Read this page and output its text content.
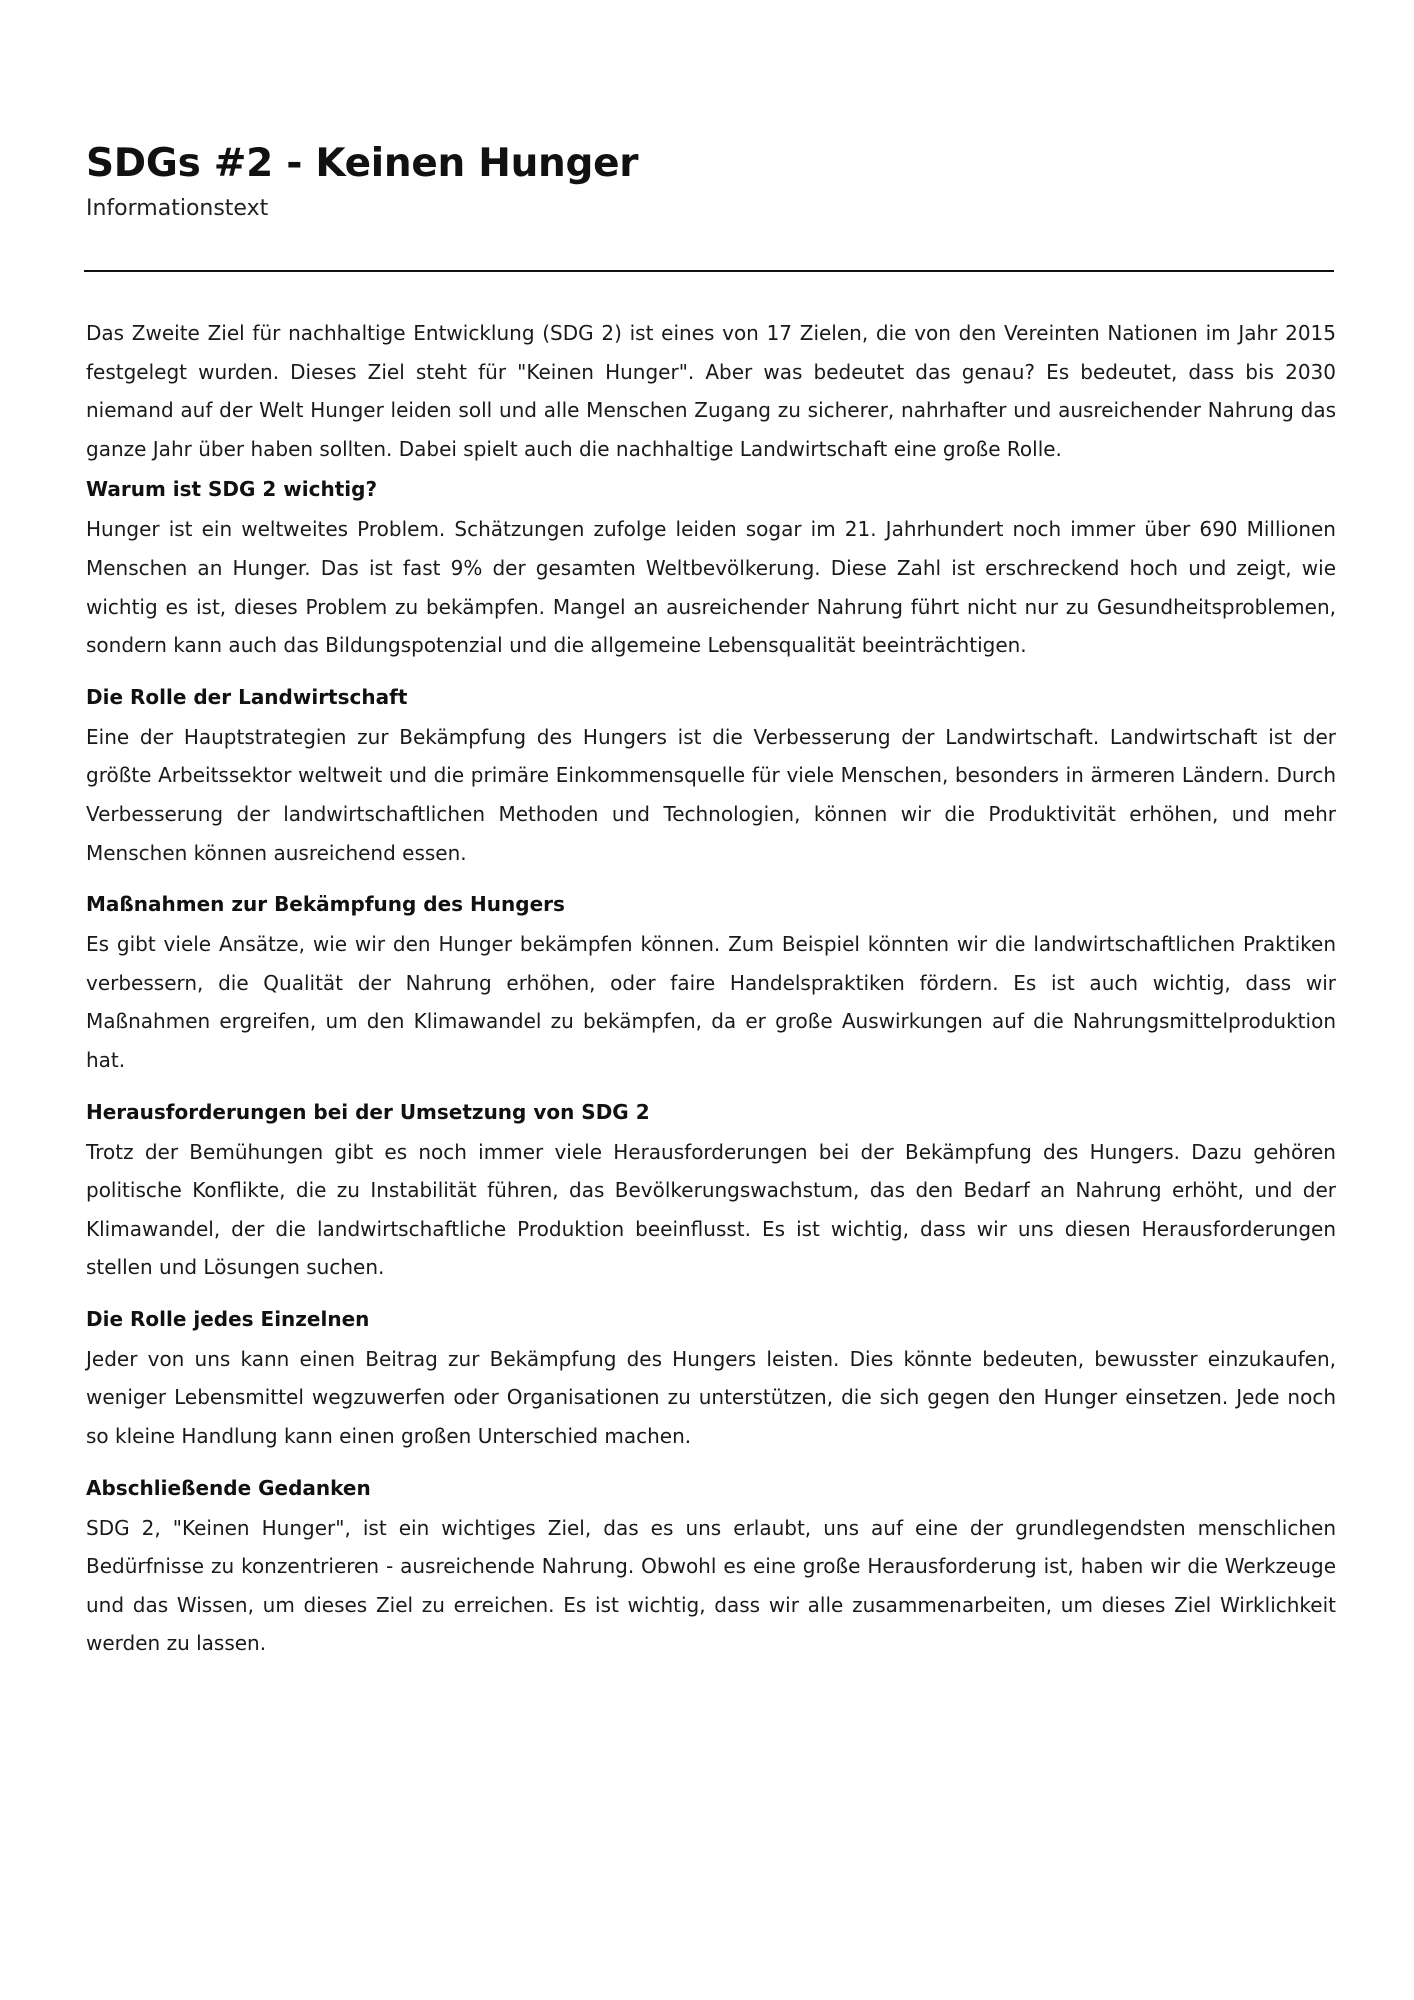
SDGs #2 - Keinen Hunger

Informationstext

Das Zweite Ziel für nachhaltige Entwicklung (SDG 2) ist eines von 17 Zielen, die von den Vereinten Nationen im Jahr 2015 festgelegt wurden. Dieses Ziel steht für "Keinen Hunger". Aber was bedeutet das genau? Es bedeutet, dass bis 2030 niemand auf der Welt Hunger leiden soll und alle Menschen Zugang zu sicherer, nahrhafter und ausreichender Nahrung das ganze Jahr über haben sollten. Dabei spielt auch die nachhaltige Landwirtschaft eine große Rolle.

Warum ist SDG 2 wichtig?

Hunger ist ein weltweites Problem. Schätzungen zufolge leiden sogar im 21. Jahrhundert noch immer über 690 Millionen Menschen an Hunger. Das ist fast 9% der gesamten Weltbevölkerung. Diese Zahl ist erschreckend hoch und zeigt, wie wichtig es ist, dieses Problem zu bekämpfen. Mangel an ausreichender Nahrung führt nicht nur zu Gesundheitsproblemen, sondern kann auch das Bildungspotenzial und die allgemeine Lebensqualität beeinträchtigen.

Die Rolle der Landwirtschaft

Eine der Hauptstrategien zur Bekämpfung des Hungers ist die Verbesserung der Landwirtschaft. Landwirtschaft ist der größte Arbeitssektor weltweit und die primäre Einkommensquelle für viele Menschen, besonders in ärmeren Ländern. Durch Verbesserung der landwirtschaftlichen Methoden und Technologien, können wir die Produktivität erhöhen, und mehr Menschen können ausreichend essen.

Maßnahmen zur Bekämpfung des Hungers

Es gibt viele Ansätze, wie wir den Hunger bekämpfen können. Zum Beispiel könnten wir die landwirtschaftlichen Praktiken verbessern, die Qualität der Nahrung erhöhen, oder faire Handelspraktiken fördern. Es ist auch wichtig, dass wir Maßnahmen ergreifen, um den Klimawandel zu bekämpfen, da er große Auswirkungen auf die Nahrungsmittelproduktion hat.

Herausforderungen bei der Umsetzung von SDG 2

Trotz der Bemühungen gibt es noch immer viele Herausforderungen bei der Bekämpfung des Hungers. Dazu gehören politische Konflikte, die zu Instabilität führen, das Bevölkerungswachstum, das den Bedarf an Nahrung erhöht, und der Klimawandel, der die landwirtschaftliche Produktion beeinflusst. Es ist wichtig, dass wir uns diesen Herausforderungen stellen und Lösungen suchen.

Die Rolle jedes Einzelnen

Jeder von uns kann einen Beitrag zur Bekämpfung des Hungers leisten. Dies könnte bedeuten, bewusster einzukaufen, weniger Lebensmittel wegzuwerfen oder Organisationen zu unterstützen, die sich gegen den Hunger einsetzen. Jede noch so kleine Handlung kann einen großen Unterschied machen.

Abschließende Gedanken

SDG 2, "Keinen Hunger", ist ein wichtiges Ziel, das es uns erlaubt, uns auf eine der grundlegendsten menschlichen Bedürfnisse zu konzentrieren - ausreichende Nahrung. Obwohl es eine große Herausforderung ist, haben wir die Werkzeuge und das Wissen, um dieses Ziel zu erreichen. Es ist wichtig, dass wir alle zusammenarbeiten, um dieses Ziel Wirklichkeit werden zu lassen.
